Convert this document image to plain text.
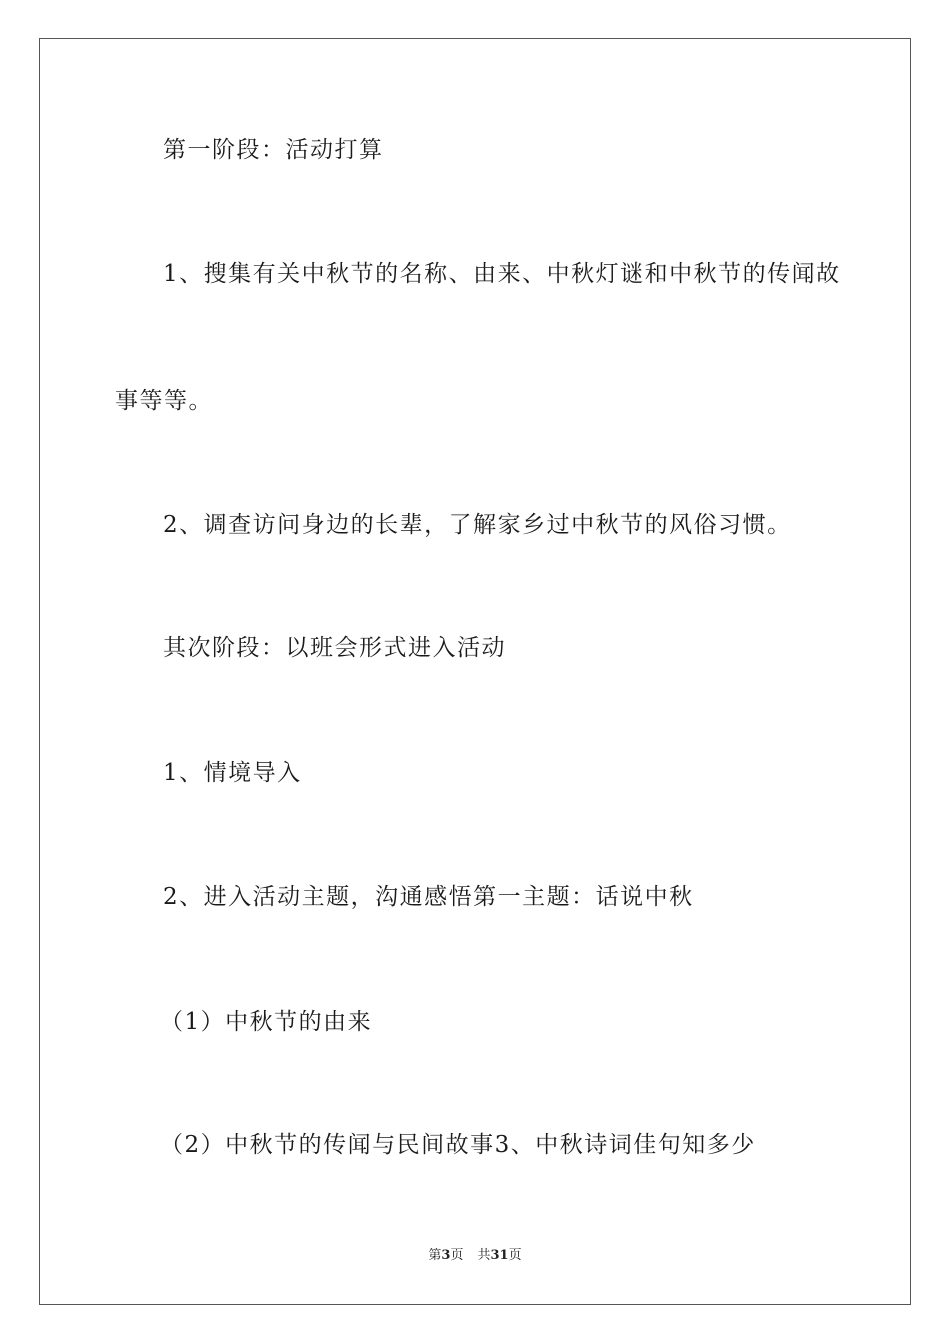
第一阶段：活动打算
1、搜集有关中秋节的名称、由来、中秋灯谜和中秋节的传闻故
事等等。
2、调查访问身边的长辈，了解家乡过中秋节的风俗习惯。
其次阶段：以班会形式进入活动
1、情境导入
2、进入活动主题，沟通感悟第一主题：话说中秋
（1）中秋节的由来
（2）中秋节的传闻与民间故事3、中秋诗词佳句知多少
第3页 共31页
